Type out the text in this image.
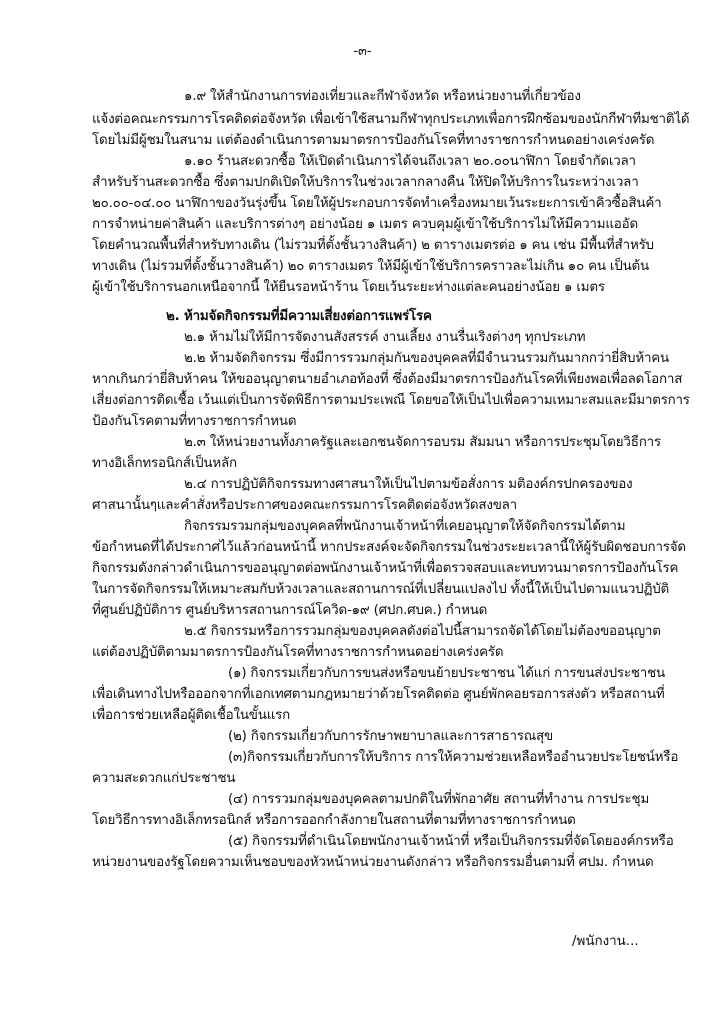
-๓-
๑.๙ ให้สำนักงานการท่องเที่ยวและกีฬาจังหวัด หรือหน่วยงานที่เกี่ยวข้อง
แจ้งต่อคณะกรรมการโรคติดต่อจังหวัด เพื่อเข้าใช้สนามกีฬาทุกประเภทเพื่อการฝึกซ้อมของนักกีฬาทีมชาติได้
โดยไม่มีผู้ชมในสนาม แต่ต้องดำเนินการตามมาตรการป้องกันโรคที่ทางราชการกำหนดอย่างเคร่งครัด
๑.๑๐ ร้านสะดวกซื้อ ให้เปิดดำเนินการได้จนถึงเวลา ๒๐.๐๐นาฬิกา โดยจำกัดเวลา
สำหรับร้านสะดวกซื้อ ซึ่งตามปกติเปิดให้บริการในช่วงเวลากลางคืน ให้ปิดให้บริการในระหว่างเวลา
๒๐.๐๐-๐๔.๐๐ นาฬิกาของวันรุ่งขึ้น โดยให้ผู้ประกอบการจัดทำเครื่องหมายเว้นระยะการเข้าคิวซื้อสินค้า
การจำหน่ายค่าสินค้า และบริการต่างๆ อย่างน้อย ๑ เมตร ควบคุมผู้เข้าใช้บริการไม่ให้มีความแออัด
โดยคำนวณพื้นที่สำหรับทางเดิน (ไม่รวมที่ตั้งชั้นวางสินค้า) ๒ ตารางเมตรต่อ ๑ คน เช่น มีพื้นที่สำหรับ
ทางเดิน (ไม่รวมที่ตั้งชั้นวางสินค้า) ๒๐ ตารางเมตร ให้มีผู้เข้าใช้บริการคราวละไม่เกิน ๑๐ คน เป็นต้น
ผู้เข้าใช้บริการนอกเหนือจากนี้ ให้ยืนรอหน้าร้าน โดยเว้นระยะห่างแต่ละคนอย่างน้อย ๑ เมตร
๒. ห้ามจัดกิจกรรมที่มีความเสี่ยงต่อการแพร่โรค
๒.๑ ห้ามไม่ให้มีการจัดงานสังสรรค์ งานเลี้ยง งานรื่นเริงต่างๆ ทุกประเภท
๒.๒ ห้ามจัดกิจกรรม ซึ่งมีการรวมกลุ่มกันของบุคคลที่มีจำนวนรวมกันมากกว่ายี่สิบห้าคน
หากเกินกว่ายี่สิบห้าคน ให้ขออนุญาตนายอำเภอท้องที่ ซึ่งต้องมีมาตรการป้องกันโรคที่เพียงพอเพื่อลดโอกาส
เสี่ยงต่อการติดเชื้อ เว้นแต่เป็นการจัดพิธีการตามประเพณี โดยขอให้เป็นไปเพื่อความเหมาะสมและมีมาตรการ
ป้องกันโรคตามที่ทางราชการกำหนด
๒.๓ ให้หน่วยงานทั้งภาครัฐและเอกชนจัดการอบรม สัมมนา หรือการประชุมโดยวิธีการ
ทางอิเล็กทรอนิกส์เป็นหลัก
๒.๔ การปฏิบัติกิจกรรมทางศาสนาให้เป็นไปตามข้อสั่งการ มติองค์กรปกครองของ
ศาสนานั้นๆและคำสั่งหรือประกาศของคณะกรรมการโรคติดต่อจังหวัดสงขลา
กิจกรรมรวมกลุ่มของบุคคลที่พนักงานเจ้าหน้าที่เคยอนุญาตให้จัดกิจกรรมได้ตาม
ข้อกำหนดที่ได้ประกาศไว้แล้วก่อนหน้านี้ หากประสงค์จะจัดกิจกรรมในช่วงระยะเวลานี้ให้ผู้รับผิดชอบการจัด
กิจกรรมดังกล่าวดำเนินการขออนุญาตต่อพนักงานเจ้าหน้าที่เพื่อตรวจสอบและทบทวนมาตรการป้องกันโรค
ในการจัดกิจกรรมให้เหมาะสมกับห้วงเวลาและสถานการณ์ที่เปลี่ยนแปลงไป ทั้งนี้ให้เป็นไปตามแนวปฏิบัติ
ที่ศูนย์ปฏิบัติการ ศูนย์บริหารสถานการณ์โควิด-๑๙ (ศปก.ศบค.) กำหนด
๒.๕ กิจกรรมหรือการรวมกลุ่มของบุคคลดังต่อไปนี้สามารถจัดได้โดยไม่ต้องขออนุญาต
แต่ต้องปฏิบัติตามมาตรการป้องกันโรคที่ทางราชการกำหนดอย่างเคร่งครัด
(๑) กิจกรรมเกี่ยวกับการขนส่งหรือขนย้ายประชาชน ได้แก่ การขนส่งประชาชน
เพื่อเดินทางไปหรือออกจากที่เอกเทศตามกฎหมายว่าด้วยโรคติดต่อ ศูนย์พักคอยรอการส่งตัว หรือสถานที่
เพื่อการช่วยเหลือผู้ติดเชื้อในขั้นแรก
(๒) กิจกรรมเกี่ยวกับการรักษาพยาบาลและการสาธารณสุข
(๓)กิจกรรมเกี่ยวกับการให้บริการ การให้ความช่วยเหลือหรืออำนวยประโยชน์หรือ
ความสะดวกแก่ประชาชน
(๔) การรวมกลุ่มของบุคคลตามปกติในที่พักอาศัย สถานที่ทำงาน การประชุม
โดยวิธีการทางอิเล็กทรอนิกส์ หรือการออกกำลังกายในสถานที่ตามที่ทางราชการกำหนด
(๕) กิจกรรมที่ดำเนินโดยพนักงานเจ้าหน้าที่ หรือเป็นกิจกรรมที่จัดโดยองค์กรหรือ
หน่วยงานของรัฐโดยความเห็นชอบของหัวหน้าหน่วยงานดังกล่าว หรือกิจกรรมอื่นตามที่ ศปม. กำหนด
/พนักงาน...
